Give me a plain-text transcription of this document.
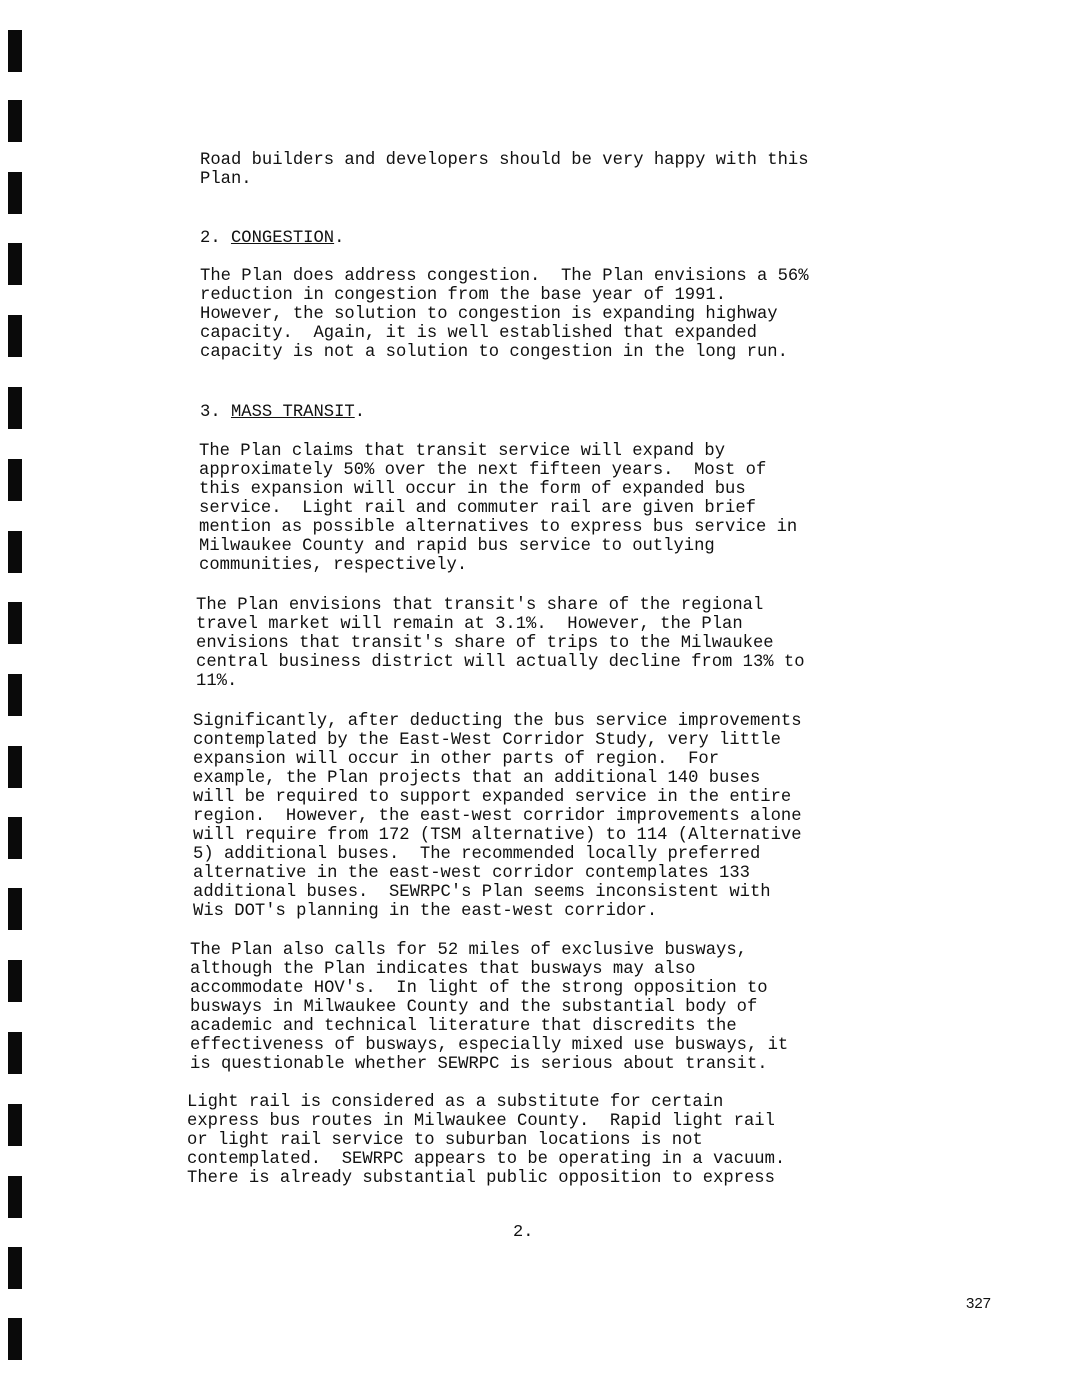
Road builders and developers should be very happy with this
Plan.

2. CONGESTION.

The Plan does address congestion.  The Plan envisions a 56%
reduction in congestion from the base year of 1991.
However, the solution to congestion is expanding highway
capacity.  Again, it is well established that expanded
capacity is not a solution to congestion in the long run.

3. MASS TRANSIT.

The Plan claims that transit service will expand by
approximately 50% over the next fifteen years.  Most of
this expansion will occur in the form of expanded bus
service.  Light rail and commuter rail are given brief
mention as possible alternatives to express bus service in
Milwaukee County and rapid bus service to outlying
communities, respectively.

The Plan envisions that transit's share of the regional
travel market will remain at 3.1%.  However, the Plan
envisions that transit's share of trips to the Milwaukee
central business district will actually decline from 13% to
11%.

Significantly, after deducting the bus service improvements
contemplated by the East-West Corridor Study, very little
expansion will occur in other parts of region.  For
example, the Plan projects that an additional 140 buses
will be required to support expanded service in the entire
region.  However, the east-west corridor improvements alone
will require from 172 (TSM alternative) to 114 (Alternative
5) additional buses.  The recommended locally preferred
alternative in the east-west corridor contemplates 133
additional buses.  SEWRPC's Plan seems inconsistent with
Wis DOT's planning in the east-west corridor.

The Plan also calls for 52 miles of exclusive busways,
although the Plan indicates that busways may also
accommodate HOV's.  In light of the strong opposition to
busways in Milwaukee County and the substantial body of
academic and technical literature that discredits the
effectiveness of busways, especially mixed use busways, it
is questionable whether SEWRPC is serious about transit.

Light rail is considered as a substitute for certain
express bus routes in Milwaukee County.  Rapid light rail
or light rail service to suburban locations is not
contemplated.  SEWRPC appears to be operating in a vacuum.
There is already substantial public opposition to express

2.
327
